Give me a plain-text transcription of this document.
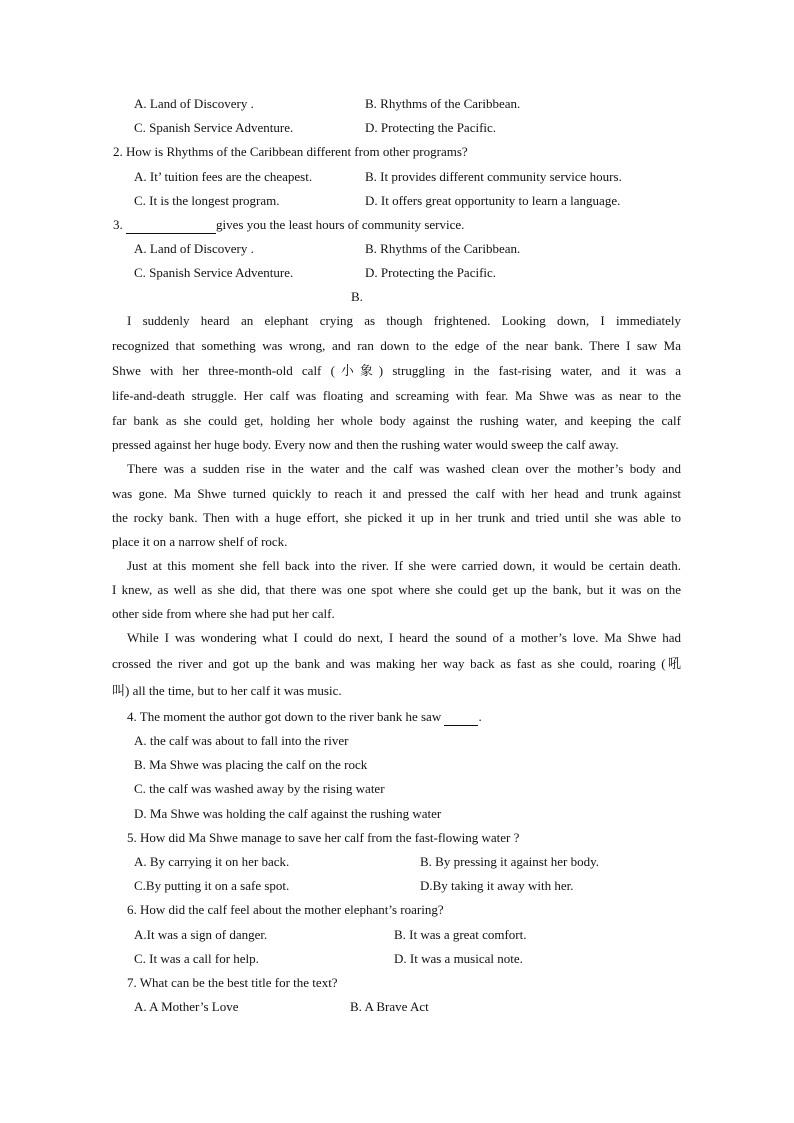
A. Land of Discovery .	B. Rhythms of the Caribbean.
C. Spanish Service Adventure.	D. Protecting the Pacific.
2. How is Rhythms of the Caribbean different from other programs?
A. It’ tuition fees are the cheapest.	B. It provides different community service hours.
C. It is the longest program.	D. It offers great opportunity to learn a language.
3.	gives you the least hours of community service.
A. Land of Discovery .	B. Rhythms of the Caribbean.
C. Spanish Service Adventure.	D. Protecting the Pacific.
B.
I suddenly heard an elephant crying as though frightened. Looking down, I immediately
recognized that something was wrong, and ran down to the edge of the near bank. There I saw Ma
Shwe with her three-month-old calf (小象) struggling in the fast-rising water, and it was a
life-and-death struggle. Her calf was floating and screaming with fear. Ma Shwe was as near to the
far bank as she could get, holding her whole body against the rushing water, and keeping the calf
pressed against her huge body. Every now and then the rushing water would sweep the calf away.
There was a sudden rise in the water and the calf was washed clean over the mother’s body and
was gone. Ma Shwe turned quickly to reach it and pressed the calf with her head and trunk against
the rocky bank. Then with a huge effort, she picked it up in her trunk and tried until she was able to
place it on a narrow shelf of rock.
Just at this moment she fell back into the river. If she were carried down, it would be certain death.
I knew, as well as she did, that there was one spot where she could get up the bank, but it was on the
other side from where she had put her calf.
While I was wondering what I could do next, I heard the sound of a mother’s love. Ma Shwe had
crossed the river and got up the bank and was making her way back as fast as she could, roaring (吼
叫) all the time, but to her calf it was music.
4. The moment the author got down to the river bank he saw	.
A. the calf was about to fall into the river
B. Ma Shwe was placing the calf on the rock
C. the calf was washed away by the rising water
D. Ma Shwe was holding the calf against the rushing water
5. How did Ma Shwe manage to save her calf from the fast-flowing water ?
A. By carrying it on her back.	B. By pressing it against her body.
C.By putting it on a safe spot.	D.By taking it away with her.
6. How did the calf feel about the mother elephant’s roaring?
A.It was a sign of danger.	B. It was a great comfort.
C. It was a call for help.	D. It was a musical note.
7. What can be the best title for the text?
A. A Mother’s Love	B. A Brave Act
